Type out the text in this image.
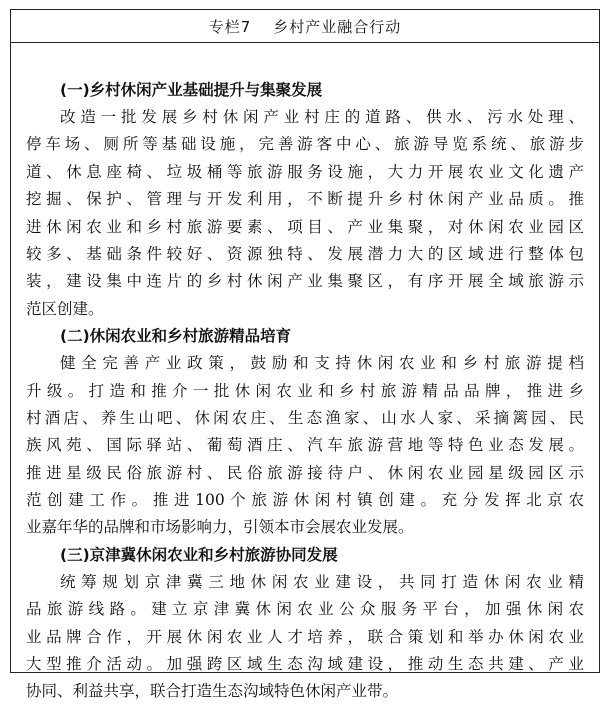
专栏7 乡村产业融合行动
(一)乡村休闲产业基础提升与集聚发展
改造一批发展乡村休闲产业村庄的道路、供水、污水处理、
停车场、厕所等基础设施，完善游客中心、旅游导览系统、旅游步
道、休息座椅、垃圾桶等旅游服务设施，大力开展农业文化遗产
挖掘、保护、管理与开发利用，不断提升乡村休闲产业品质。推
进休闲农业和乡村旅游要素、项目、产业集聚，对休闲农业园区
较多、基础条件较好、资源独特、发展潜力大的区域进行整体包
装，建设集中连片的乡村休闲产业集聚区，有序开展全域旅游示
范区创建。
(二)休闲农业和乡村旅游精品培育
健全完善产业政策，鼓励和支持休闲农业和乡村旅游提档
升级。打造和推介一批休闲农业和乡村旅游精品品牌，推进乡
村酒店、养生山吧、休闲农庄、生态渔家、山水人家、采摘篱园、民
族风苑、国际驿站、葡萄酒庄、汽车旅游营地等特色业态发展。
推进星级民俗旅游村、民俗旅游接待户、休闲农业园星级园区示
范创建工作。推进100个旅游休闲村镇创建。充分发挥北京农
业嘉年华的品牌和市场影响力，引领本市会展农业发展。
(三)京津冀休闲农业和乡村旅游协同发展
统筹规划京津冀三地休闲农业建设，共同打造休闲农业精
品旅游线路。建立京津冀休闲农业公众服务平台，加强休闲农
业品牌合作，开展休闲农业人才培养，联合策划和举办休闲农业
大型推介活动。加强跨区域生态沟域建设，推动生态共建、产业
协同、利益共享，联合打造生态沟域特色休闲产业带。
